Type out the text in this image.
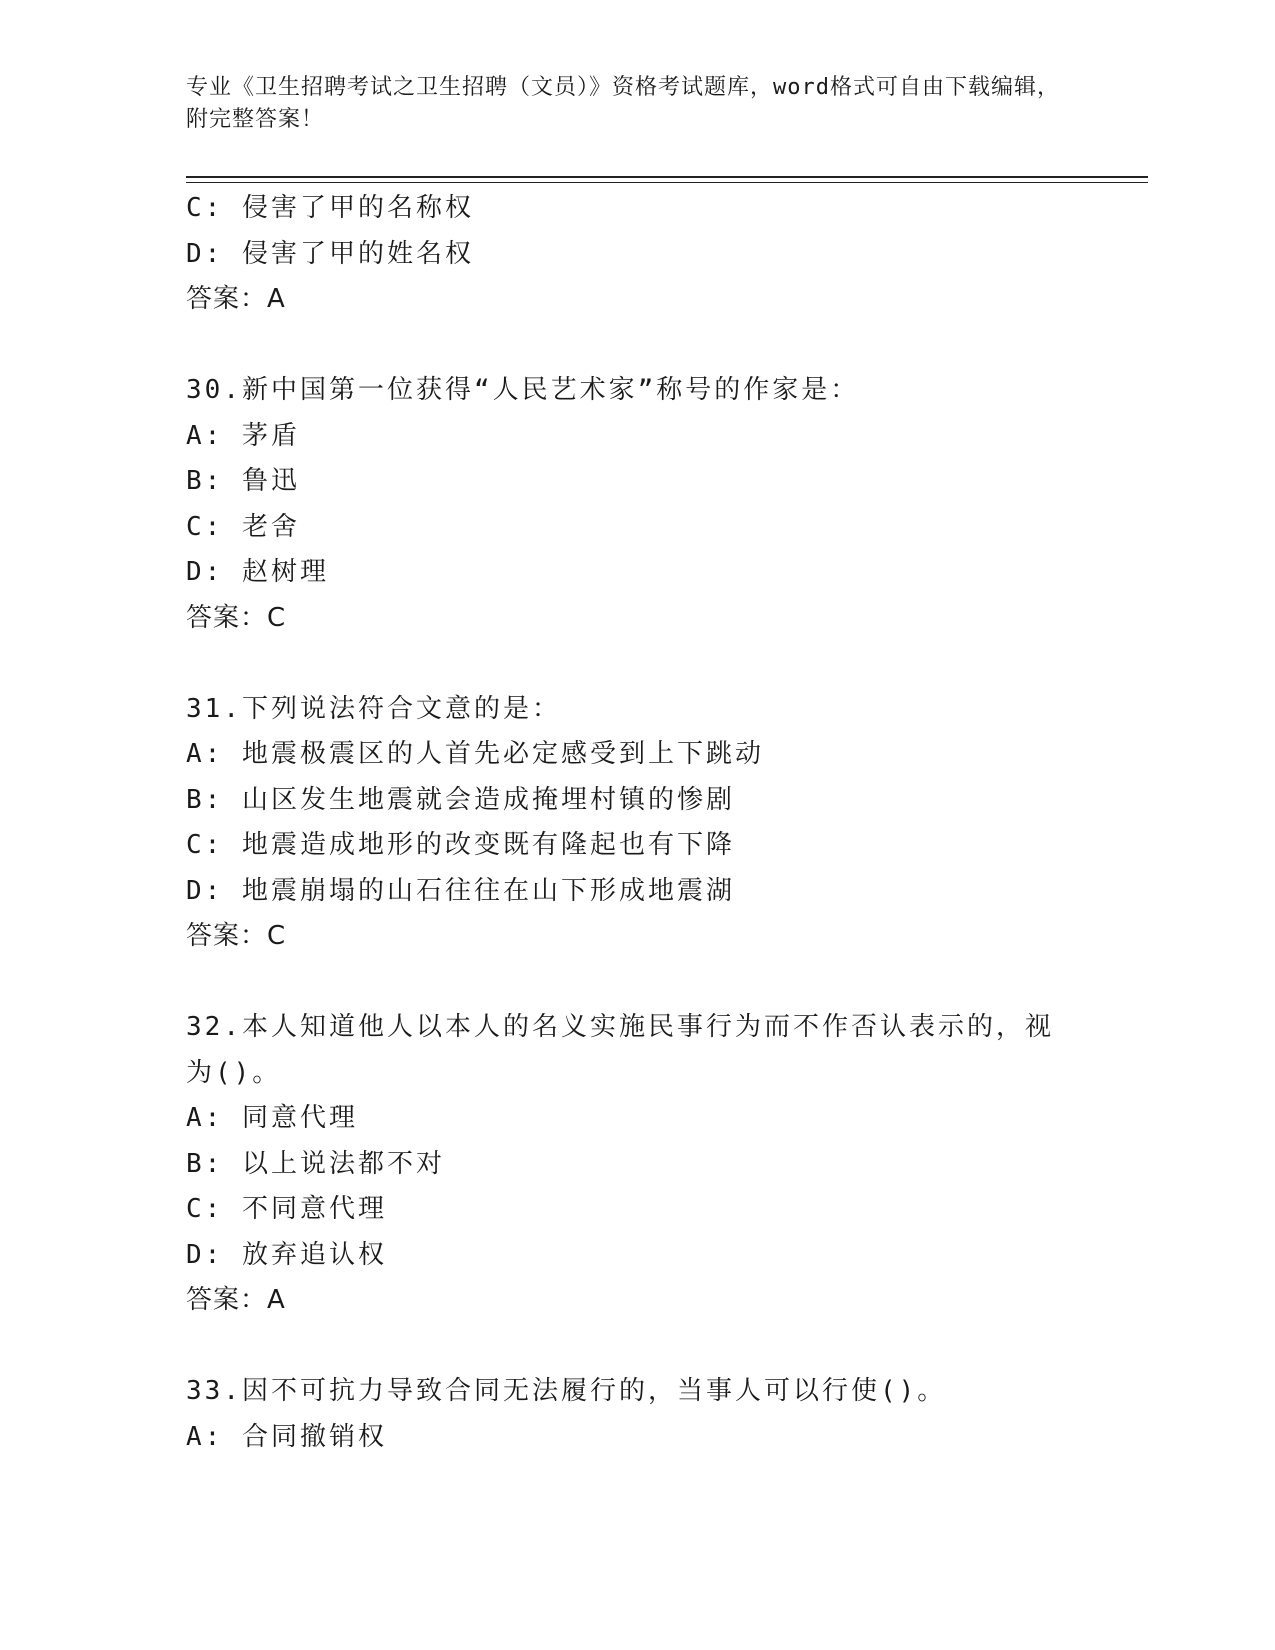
专业《卫生招聘考试之卫生招聘（文员）》资格考试题库，word格式可自由下载编辑，附完整答案！
C: 侵害了甲的名称权
D: 侵害了甲的姓名权
答案：A
30.新中国第一位获得“人民艺术家”称号的作家是：
A: 茅盾
B: 鲁迅
C: 老舍
D: 赵树理
答案：C
31.下列说法符合文意的是：
A: 地震极震区的人首先必定感受到上下跳动
B: 山区发生地震就会造成掩埋村镇的惨剧
C: 地震造成地形的改变既有隆起也有下降
D: 地震崩塌的山石往往在山下形成地震湖
答案：C
32.本人知道他人以本人的名义实施民事行为而不作否认表示的，视为()。
A: 同意代理
B: 以上说法都不对
C: 不同意代理
D: 放弃追认权
答案：A
33.因不可抗力导致合同无法履行的，当事人可以行使()。
A: 合同撤销权
